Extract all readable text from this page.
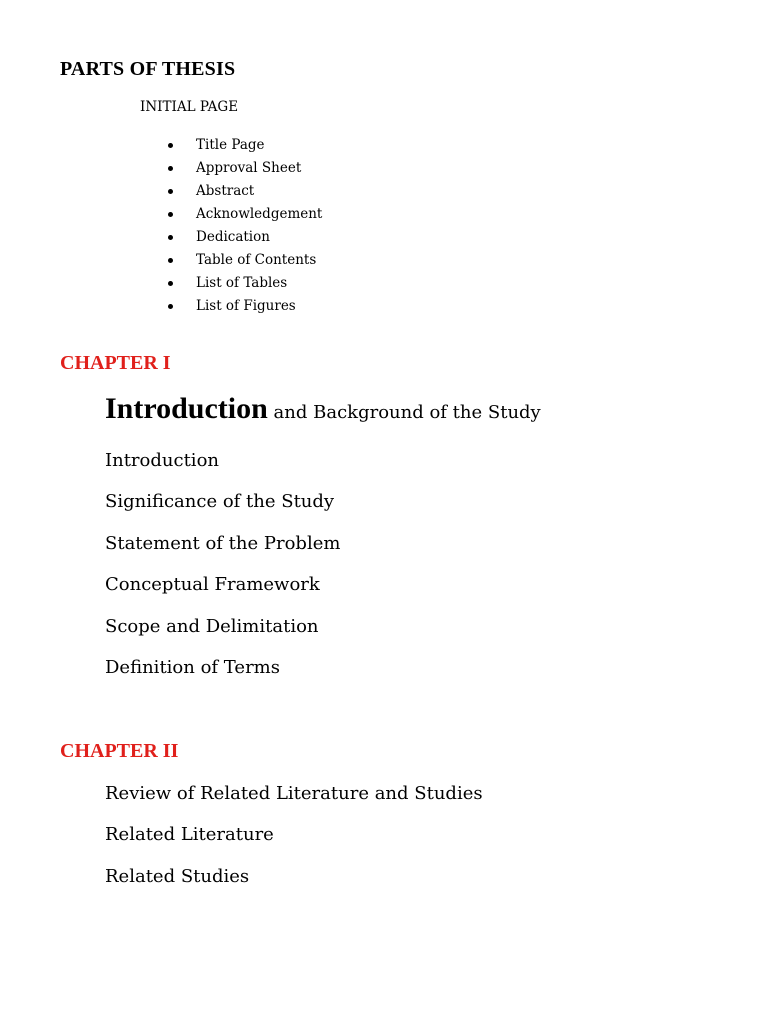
PARTS OF THESIS
INITIAL PAGE
Title Page
Approval Sheet
Abstract
Acknowledgement
Dedication
Table of Contents
List of Tables
List of Figures
CHAPTER I
Introduction and Background of the Study
Introduction
Significance of the Study
Statement of the Problem
Conceptual Framework
Scope and Delimitation
Definition of Terms
CHAPTER II
Review of Related Literature and Studies
Related Literature
Related Studies
